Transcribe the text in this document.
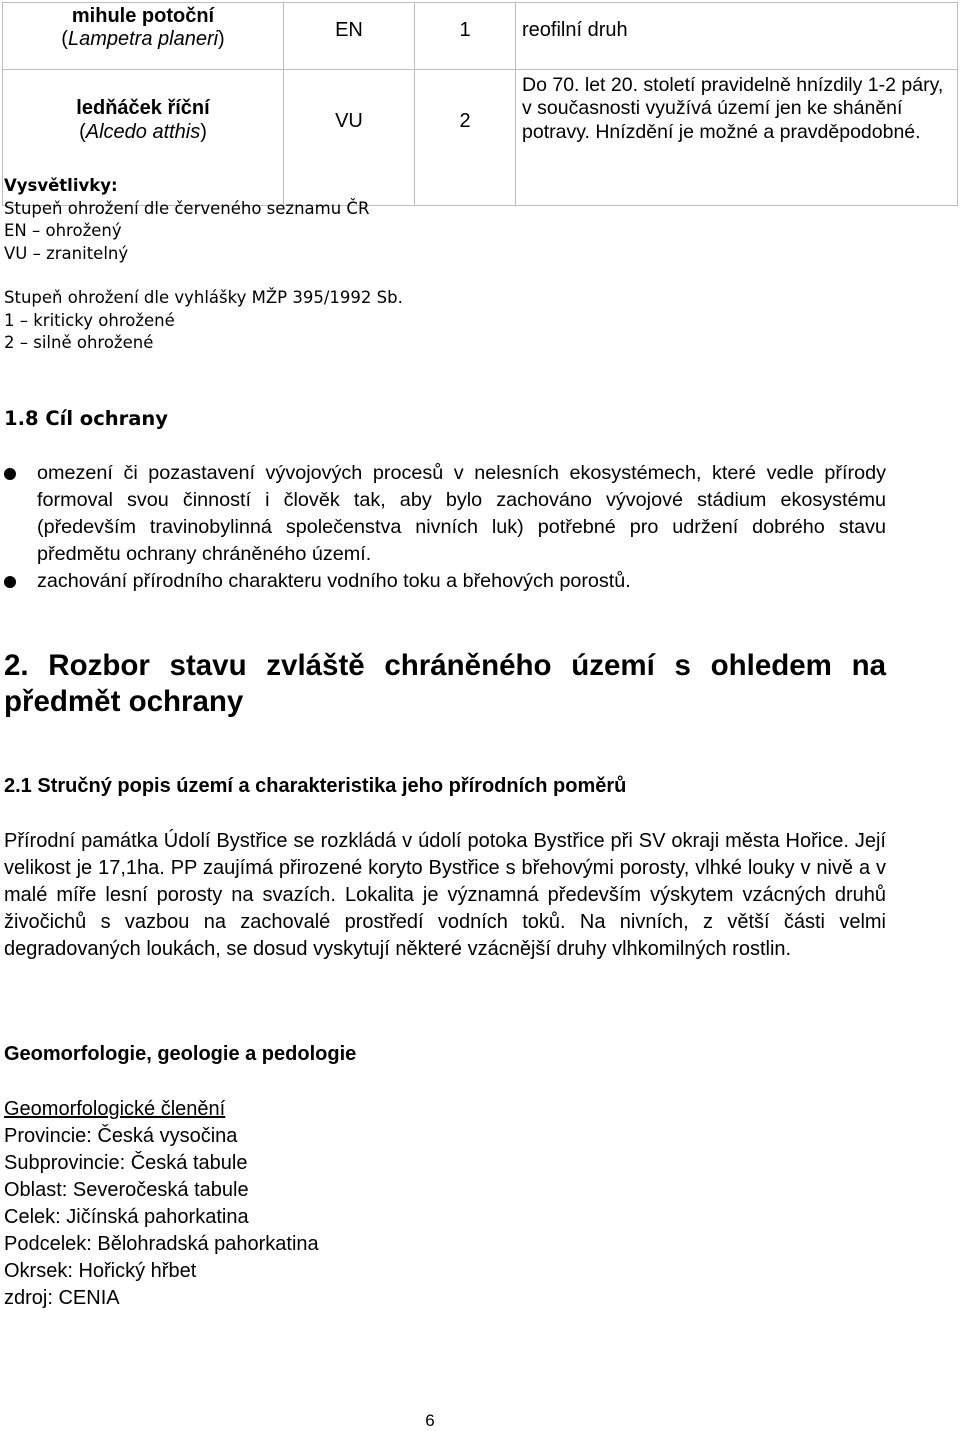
mihule potoční
(Lampetra planeri)	EN	1	reofilní druh

ledňáček říční
(Alcedo atthis)	VU	2	Do 70. let 20. století pravidelně hnízdily 1-2 páry, v současnosti využívá území jen ke shánění potravy. Hnízdění je možné a pravděpodobné.
Vysvětlivky:
Stupeň ohrožení dle červeného seznamu ČR
EN – ohrožený
VU – zranitelný
Stupeň ohrožení dle vyhlášky MŽP 395/1992 Sb.
1 – kriticky ohrožené
2 – silně ohrožené
1.8 Cíl ochrany
omezení či pozastavení vývojových procesů v nelesních ekosystémech, které vedle přírody formoval svou činností i člověk tak, aby bylo zachováno vývojové stádium ekosystému (především travinobylinná společenstva nivních luk) potřebné pro udržení dobrého stavu předmětu ochrany chráněného území.
zachování přírodního charakteru vodního toku a břehových porostů.
2. Rozbor stavu zvláště chráněného území s ohledem na předmět ochrany
2.1 Stručný popis území a charakteristika jeho přírodních poměrů
Přírodní památka Údolí Bystřice se rozkládá v údolí potoka Bystřice při SV okraji města Hořice. Její velikost je 17,1ha. PP zaujímá přirozené koryto Bystřice s břehovými porosty, vlhké louky v nivě a v malé míře lesní porosty na svazích. Lokalita je významná především výskytem vzácných druhů živočichů s vazbou na zachovalé prostředí vodních toků. Na nivních, z větší části velmi degradovaných loukách, se dosud vyskytují některé vzácnější druhy vlhkomilných rostlin.
Geomorfologie, geologie a pedologie
Geomorfologické členění
Provincie: Česká vysočina
Subprovincie: Česká tabule
Oblast: Severočeská tabule
Celek: Jičínská pahorkatina
Podcelek: Bělohradská pahorkatina
Okrsek: Hořický hřbet
zdroj: CENIA
6
